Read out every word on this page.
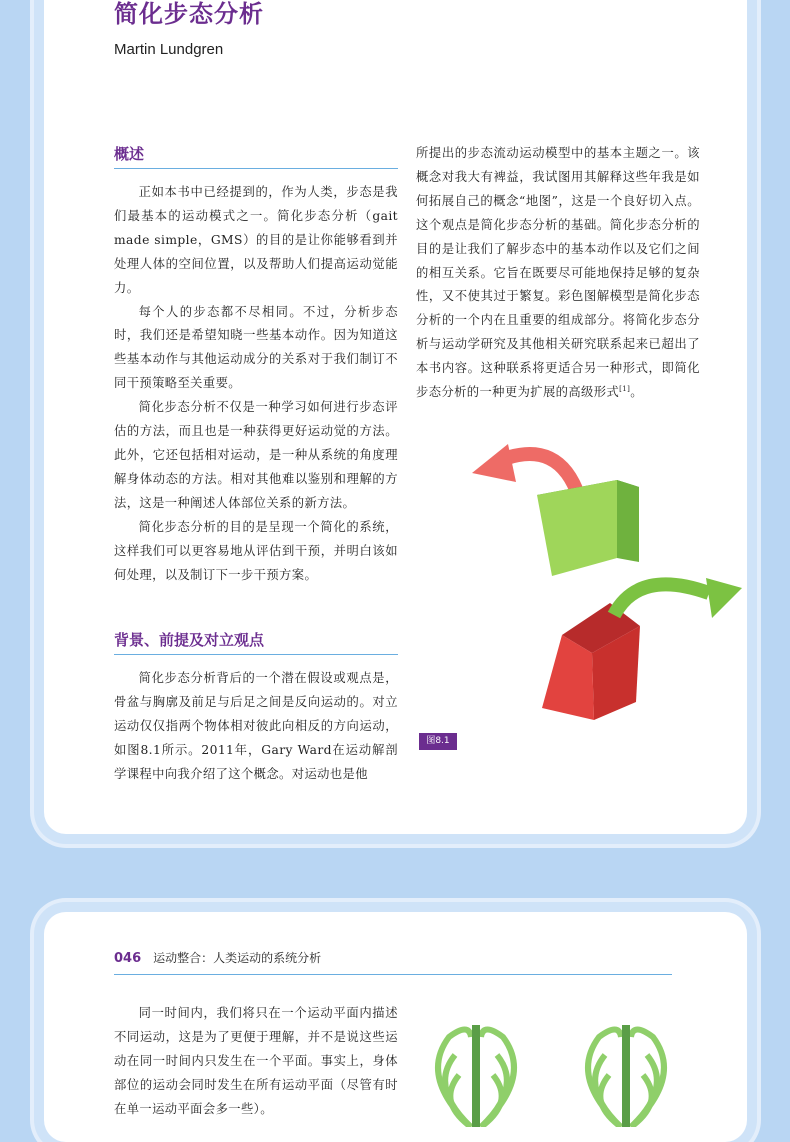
简化步态分析
Martin Lundgren
概述

正如本书中已经提到的，作为人类，步态是我们最基本的运动模式之一。简化步态分析（gait made simple，GMS）的目的是让你能够看到并处理人体的空间位置，以及帮助人们提高运动觉能力。

每个人的步态都不尽相同。不过，分析步态时，我们还是希望知晓一些基本动作。因为知道这些基本动作与其他运动成分的关系对于我们制订不同干预策略至关重要。

简化步态分析不仅是一种学习如何进行步态评估的方法，而且也是一种获得更好运动觉的方法。此外，它还包括相对运动，是一种从系统的角度理解身体动态的方法。相对其他难以鉴别和理解的方法，这是一种阐述人体部位关系的新方法。

简化步态分析的目的是呈现一个简化的系统，这样我们可以更容易地从评估到干预，并明白该如何处理，以及制订下一步干预方案。

背景、前提及对立观点

简化步态分析背后的一个潜在假设或观点是，骨盆与胸廓及前足与后足之间是反向运动的。对立运动仅仅指两个物体相对彼此向相反的方向运动，如图8.1所示。2011年，Gary Ward在运动解剖学课程中向我介绍了这个概念。对运动也是他

所提出的步态流动运动模型中的基本主题之一。该概念对我大有裨益，我试图用其解释这些年我是如何拓展自己的概念“地图”，这是一个良好切入点。这个观点是简化步态分析的基础。简化步态分析的目的是让我们了解步态中的基本动作以及它们之间的相互关系。它旨在既要尽可能地保持足够的复杂性，又不使其过于繁复。彩色图解模型是简化步态分析的一个内在且重要的组成部分。将简化步态分析与运动学研究及其他相关研究联系起来已超出了本书内容。这种联系将更适合另一种形式，即简化步态分析的一种更为扩展的高级形式[1]。

图8.1
046 运动整合：人类运动的系统分析

同一时间内，我们将只在一个运动平面内描述不同运动，这是为了更便于理解，并不是说这些运动在同一时间内只发生在一个平面。事实上，身体部位的运动会同时发生在所有运动平面（尽管有时在单一运动平面会多一些）。
